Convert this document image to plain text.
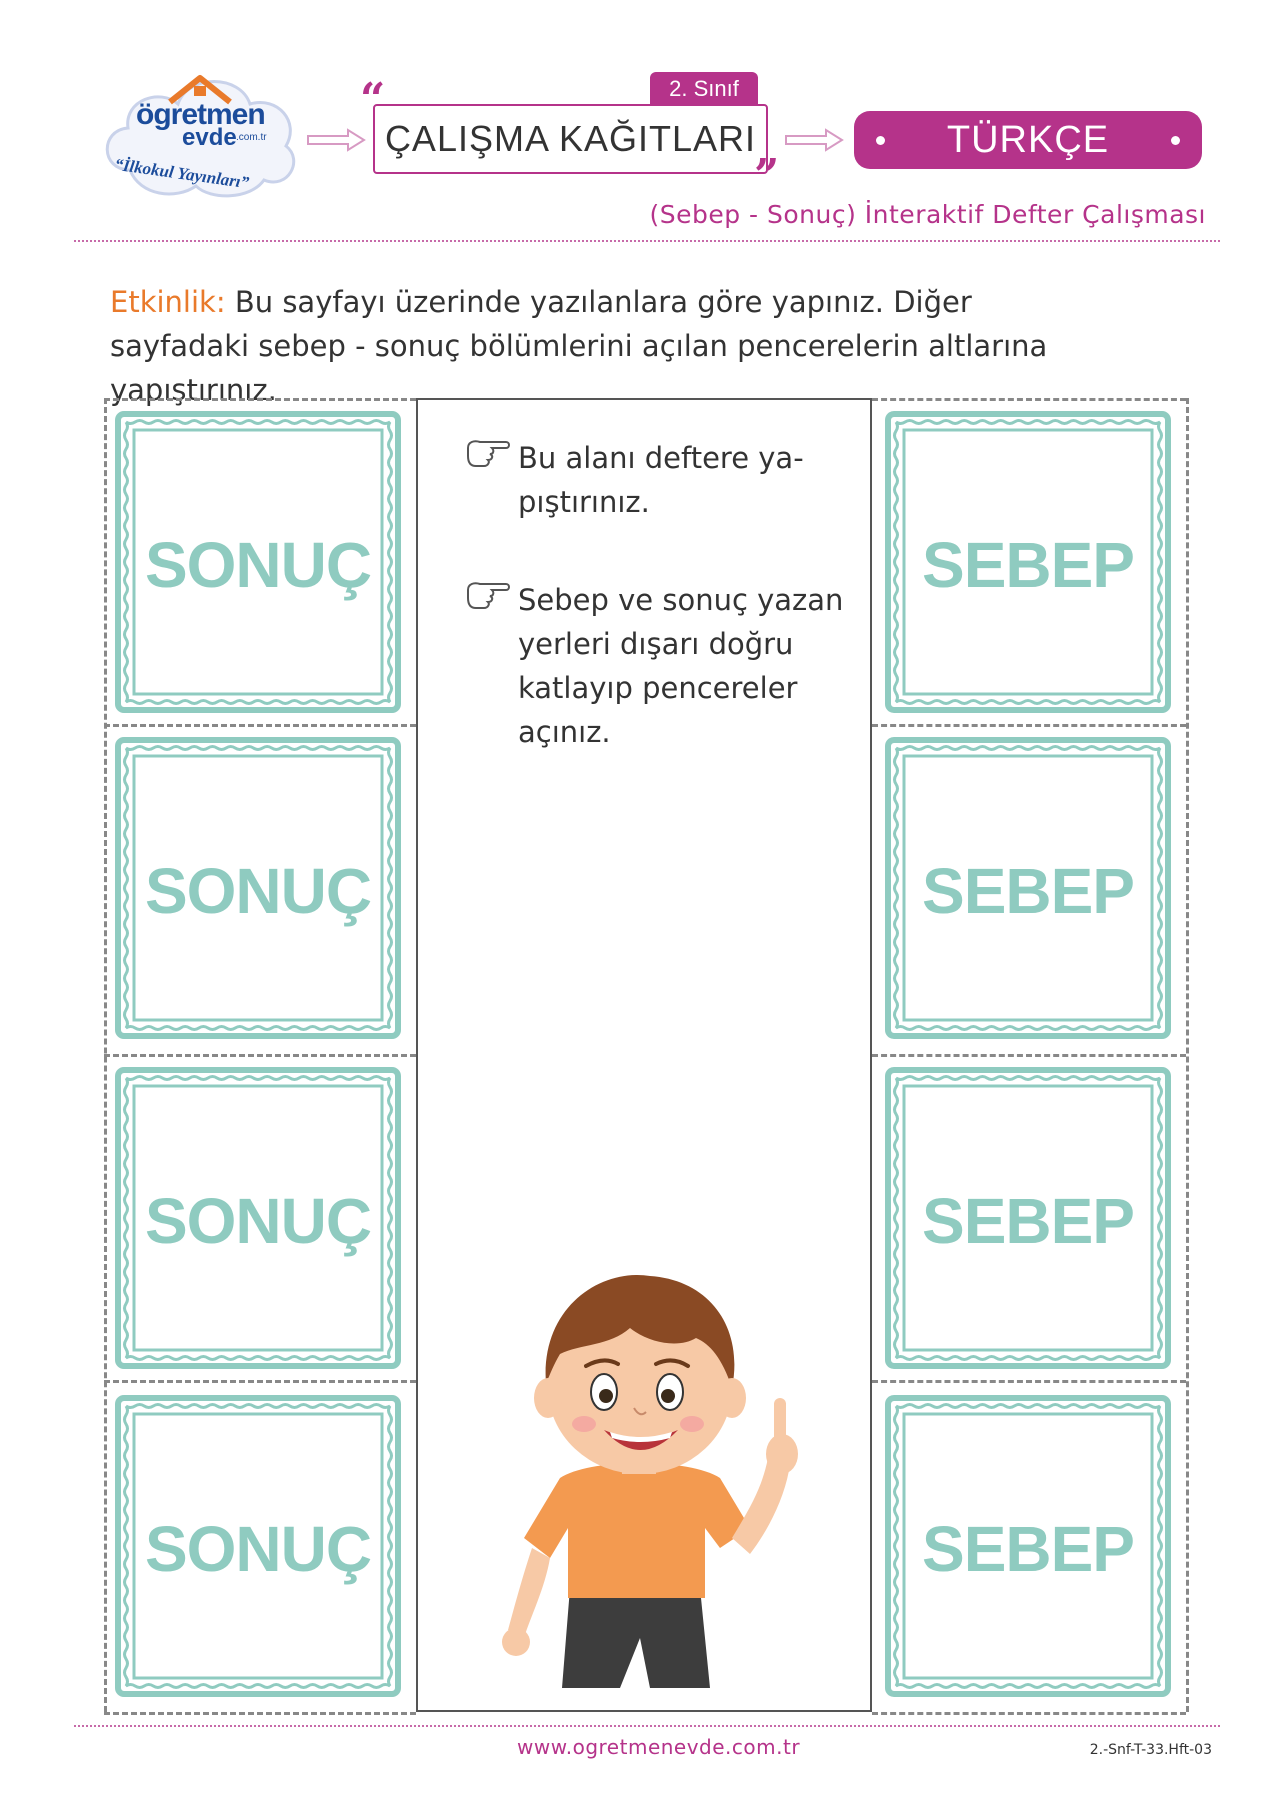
ögretmen
evde .com.tr
“İlkokul Yayınları”
2. Sınıf
ÇALIŞMA KAĞITLARI
“
”
TÜRKÇE
(Sebep - Sonuç) İnteraktif Defter Çalışması
Etkinlik: Bu sayfayı üzerinde yazılanlara göre yapınız. Diğer sayfadaki sebep - sonuç bölümlerini açılan pencerelerin altlarına yapıştırınız.
SONUÇ
SONUÇ
SONUÇ
SONUÇ
SEBEP
SEBEP
SEBEP
SEBEP
Bu alanı deftere ya-pıştırınız.
Sebep ve sonuç yazan yerleri dışarı doğru katlayıp pencereler açınız.
www.ogretmenevde.com.tr	2.-Snf-T-33.Hft-03
